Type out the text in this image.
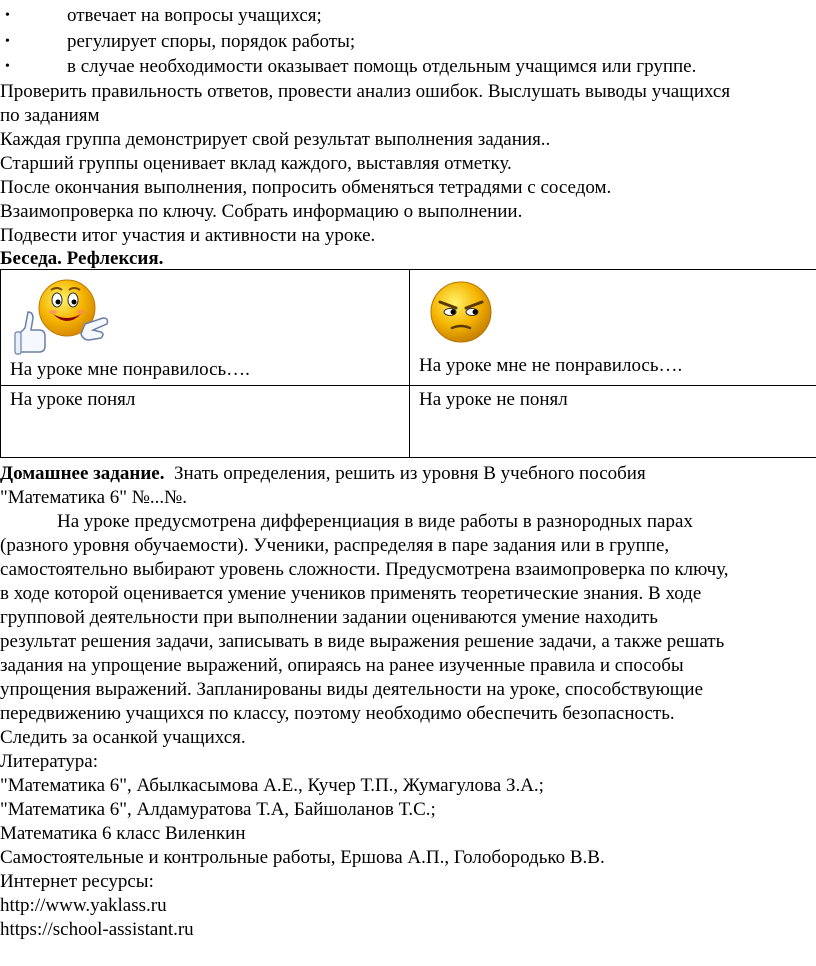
•	отвечает на вопросы учащихся;
•	регулирует споры, порядок работы;
•	в случае необходимости оказывает помощь отдельным учащимся или группе.
Проверить правильность ответов, провести анализ ошибок. Выслушать выводы учащихся
по заданиям
Каждая группа демонстрирует свой результат выполнения задания..
Старший группы оценивает вклад каждого, выставляя отметку.
После окончания выполнения, попросить обменяться тетрадями с соседом.
Взаимопроверка по ключу. Собрать информацию о выполнении.
Подвести итог участия и активности на уроке.
Беседа. Рефлексия.
На уроке мне понравилось….	На уроке мне не понравилось….

На уроке понял	На уроке не понял
Домашнее задание.  Знать определения, решить из уровня В учебного пособия
"Математика 6" №...№.
На уроке предусмотрена дифференциация в виде работы в разнородных парах
(разного уровня обучаемости). Ученики, распределяя в паре задания или в группе,
самостоятельно выбирают уровень сложности. Предусмотрена взаимопроверка по ключу,
в ходе которой оценивается умение учеников применять теоретические знания. В ходе
групповой деятельности при выполнении задании оцениваются умение находить
результат решения задачи, записывать в виде выражения решение задачи, а также решать
задания на упрощение выражений, опираясь на ранее изученные правила и способы
упрощения выражений. Запланированы виды деятельности на уроке, способствующие
передвижению учащихся по классу, поэтому необходимо обеспечить безопасность.
Следить за осанкой учащихся.
Литература:
"Математика 6", Абылкасымова А.Е., Кучер Т.П., Жумагулова З.А.;
"Математика 6", Алдамуратова Т.А, Байшоланов Т.С.;
Математика 6 класс Виленкин
Самостоятельные и контрольные работы, Ершова А.П., Голобородько В.В.
Интернет ресурсы:
http://www.yaklass.ru
https://school-assistant.ru
